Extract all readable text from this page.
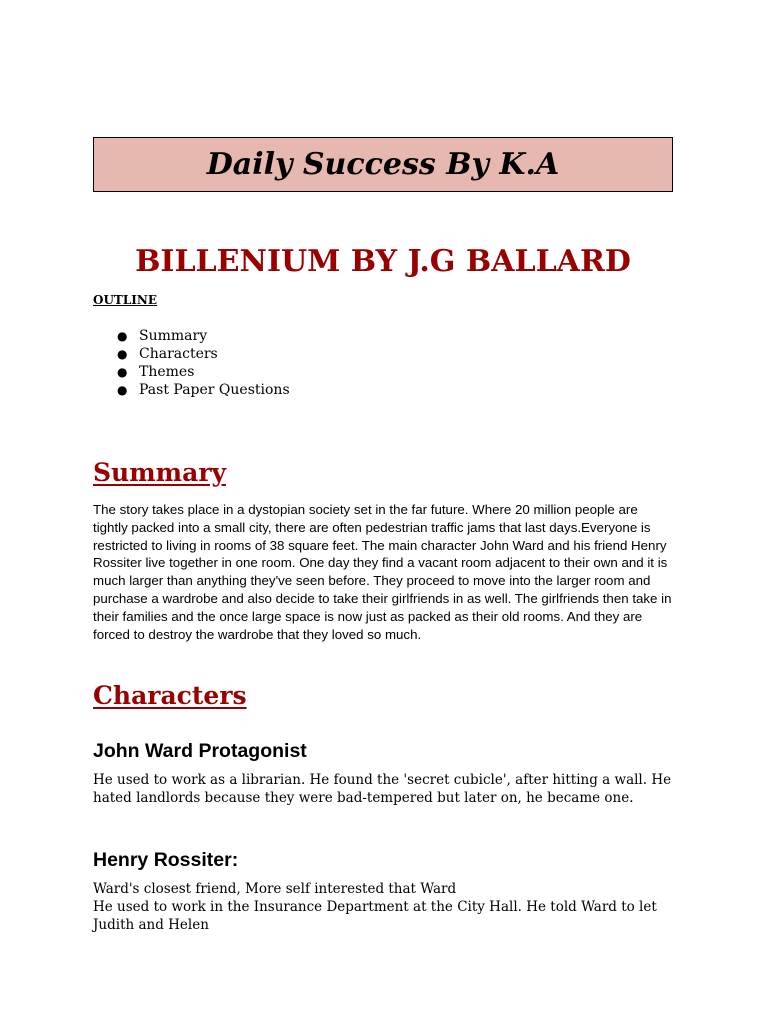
Daily Success By K.A
BILLENIUM BY J.G BALLARD
OUTLINE
● Summary
● Characters
● Themes
● Past Paper Questions
Summary
The story takes place in a dystopian society set in the far future. Where 20 million people are tightly packed into a small city, there are often pedestrian traffic jams that last days.Everyone is restricted to living in rooms of 38 square feet. The main character John Ward and his friend Henry Rossiter live together in one room. One day they find a vacant room adjacent to their own and it is much larger than anything they've seen before. They proceed to move into the larger room and purchase a wardrobe and also decide to take their girlfriends in as well. The girlfriends then take in their families and the once large space is now just as packed as their old rooms. And they are forced to destroy the wardrobe that they loved so much.
Characters
John Ward Protagonist

He used to work as a librarian. He found the 'secret cubicle', after hitting a wall. He hated landlords because they were bad-tempered but later on, he became one.

Henry Rossiter:

Ward's closest friend, More self interested that Ward

He used to work in the Insurance Department at the City Hall. He told Ward to let Judith and Helen
